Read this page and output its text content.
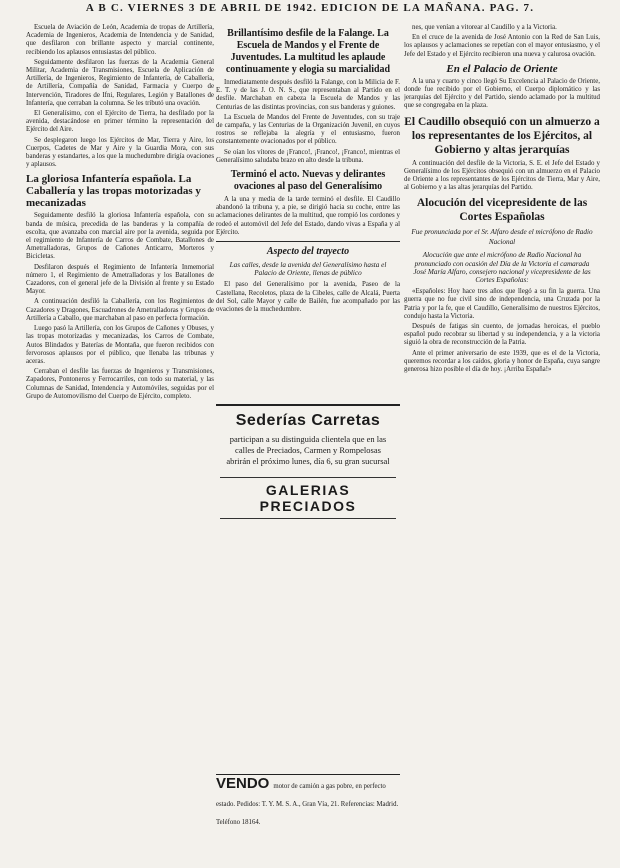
A B C. VIERNES 3 DE ABRIL DE 1942. EDICION DE LA MAÑANA. PAG. 7.

Escuela de Aviación de León, Academia de tropas de Artillería, Academia de Ingenieros, Academia de Intendencia y de Sanidad, que desfilaron con brillante aspecto y marcial continente, recibiendo los aplausos entusiastas del público.

Seguidamente desfilaron las fuerzas de la Academia General Militar, Academia de Transmisiones, Escuela de Aplicación de Artillería, de Ingenieros, Regimiento de Infantería, de Caballería, de Artillería, Compañía de Sanidad, Farmacia y Cuerpo de Intervención, Tiradores de Ifni, Regulares, Legión y Batallones de Infantería, que cerraban la columna. Se les tributó una ovación.

El Generalísimo, con el Ejército de Tierra, ha desfilado por la avenida, destacándose en primer término la representación del Ejército del Aire.

Se desplegaron luego los Ejércitos de Mar, Tierra y Aire, los Cuerpos, Cadetes de Mar y Aire y la Guardia Mora, con sus banderas y estandartes, a los que la muchedumbre dirigía ovaciones y aplausos.

La gloriosa Infantería española. La Caballería y las tropas motorizadas y mecanizadas

Seguidamente desfiló la gloriosa Infantería española, con su banda de música, precedida de las banderas y la compañía de escolta, que avanzaba con marcial aire por la avenida, seguida por el regimiento de Infantería de Carros de Combate, Batallones de Ametralladoras, Grupos de Cañones Anticarro, Morteros y Bicicletas.

Desfilaron después el Regimiento de Infantería Inmemorial número 1, el Regimiento de Ametralladoras y los Batallones de Cazadores, con el general jefe de la División al frente y su Estado Mayor.

A continuación desfiló la Caballería, con los Regimientos de Cazadores y Dragones, Escuadrones de Ametralladoras y Grupos de Artillería a Caballo, que marchaban al paso en perfecta formación.

Luego pasó la Artillería, con los Grupos de Cañones y Obuses, y las tropas motorizadas y mecanizadas, los Carros de Combate, Autos Blindados y Baterías de Montaña, que fueron recibidos con fervorosos aplausos por el público, que llenaba las tribunas y aceras.

Cerraban el desfile las fuerzas de Ingenieros y Transmisiones, Zapadores, Pontoneros y Ferrocarriles, con todo su material, y las Columnas de Sanidad, Intendencia y Automóviles, seguidas por el Grupo de Automovilismo del Cuerpo de Ejército, completo.

Brillantísimo desfile de la Falange. La Escuela de Mandos y el Frente de Juventudes. La multitud les aplaude continuamente y elogia su marcialidad

Inmediatamente después desfiló la Falange, con la Milicia de F. E. T. y de las J. O. N. S., que representaban al Partido en el desfile. Marchaban en cabeza la Escuela de Mandos y las Centurias de las distintas provincias, con sus banderas y guiones.

La Escuela de Mandos del Frente de Juventudes, con su traje de campaña, y las Centurias de la Organización Juvenil, en cuyos rostros se reflejaba la alegría y el entusiasmo, fueron constantemente ovacionados por el público.

Se oían los vítores de ¡Franco!, ¡Franco!, ¡Franco!, mientras el Generalísimo saludaba brazo en alto desde la tribuna.

Terminó el acto. Nuevas y delirantes ovaciones al paso del Generalísimo

A la una y media de la tarde terminó el desfile. El Caudillo abandonó la tribuna y, a pie, se dirigió hacia su coche, entre las aclamaciones delirantes de la multitud, que rompió los cordones y rodeó el automóvil del Jefe del Estado, dando vivas a España y al Ejército.

Aspecto del trayecto
Las calles, desde la avenida del Generalísimo hasta el Palacio de Oriente, llenas de público

El paso del Generalísimo por la avenida, Paseo de la Castellana, Recoletos, plaza de la Cibeles, calle de Alcalá, Puerta del Sol, calle Mayor y calle de Bailén, fue acompañado por las ovaciones de la muchedumbre.

Sederías Carretas
participan a su distinguida clientela que en las calles de Preciados, Carmen y Rompelosas abrirán el próximo lunes, día 6, su gran sucursal
GALERIAS PRECIADOS
VENDO motor de camión a gas pobre, en perfecto estado. Pedidos: T. Y. M. S. A., Gran Vía, 21. Referencias: Madrid. Teléfono 18164.

nes, que venían a vitorear al Caudillo y a la Victoria.

En el cruce de la avenida de José Antonio con la Red de San Luis, los aplausos y aclamaciones se repetían con el mayor entusiasmo, y el Jefe del Estado y el Ejército recibieron una nueva y calurosa ovación.

En el Palacio de Oriente

A la una y cuarto y cinco llegó Su Excelencia al Palacio de Oriente, donde fue recibido por el Gobierno, el Cuerpo diplomático y las jerarquías del Ejército y del Partido, siendo aclamado por la multitud que se congregaba en la plaza.

El Caudillo obsequió con un almuerzo a los representantes de los Ejércitos, al Gobierno y altas jerarquías

A continuación del desfile de la Victoria, S. E. el Jefe del Estado y Generalísimo de los Ejércitos obsequió con un almuerzo en el Palacio de Oriente a los representantes de los Ejércitos de Tierra, Mar y Aire, al Gobierno y a las altas jerarquías del Partido.

Alocución del vicepresidente de las Cortes Españolas
Fue pronunciada por el Sr. Alfaro desde el micrófono de Radio Nacional
Alocución que ante el micrófono de Radio Nacional ha pronunciado con ocasión del Día de la Victoria el camarada José María Alfaro, consejero nacional y vicepresidente de las Cortes Españolas:

«Españoles: Hoy hace tres años que llegó a su fin la guerra. Una guerra que no fue civil sino de independencia, una Cruzada por la Patria y por la fe, que el Caudillo, Generalísimo de nuestros Ejércitos, condujo hasta la Victoria.

Después de fatigas sin cuento, de jornadas heroicas, el pueblo español pudo recobrar su libertad y su independencia, y a la victoria siguió la obra de reconstrucción de la Patria.

Ante el primer aniversario de este 1939, que es el de la Victoria, queremos recordar a los caídos, gloria y honor de España, cuya sangre generosa hizo posible el día de hoy. ¡Arriba España!»
